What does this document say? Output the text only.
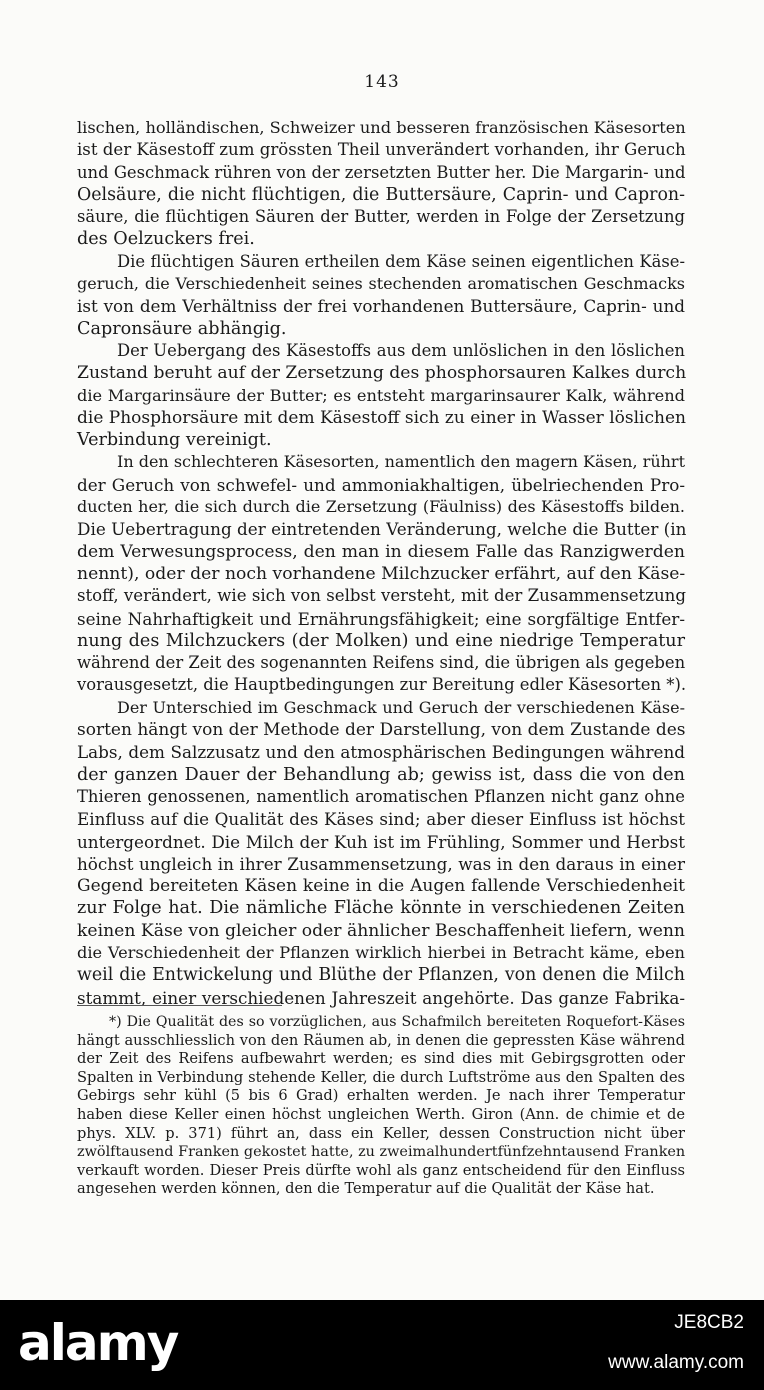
143
lischen, holländischen, Schweizer und besseren französischen Käsesorten
ist der Käsestoff zum grössten Theil unverändert vorhanden, ihr Geruch
und Geschmack rühren von der zersetzten Butter her. Die Margarin- und
Oelsäure, die nicht flüchtigen, die Buttersäure, Caprin- und Capron-
säure, die flüchtigen Säuren der Butter, werden in Folge der Zersetzung
des Oelzuckers frei.
Die flüchtigen Säuren ertheilen dem Käse seinen eigentlichen Käse-
geruch, die Verschiedenheit seines stechenden aromatischen Geschmacks
ist von dem Verhältniss der frei vorhandenen Buttersäure, Caprin- und
Capronsäure abhängig.
Der Uebergang des Käsestoffs aus dem unlöslichen in den löslichen
Zustand beruht auf der Zersetzung des phosphorsauren Kalkes durch
die Margarinsäure der Butter; es entsteht margarinsaurer Kalk, während
die Phosphorsäure mit dem Käsestoff sich zu einer in Wasser löslichen
Verbindung vereinigt.
In den schlechteren Käsesorten, namentlich den magern Käsen, rührt
der Geruch von schwefel- und ammoniakhaltigen, übelriechenden Pro-
ducten her, die sich durch die Zersetzung (Fäulniss) des Käsestoffs bilden.
Die Uebertragung der eintretenden Veränderung, welche die Butter (in
dem Verwesungsprocess, den man in diesem Falle das Ranzigwerden
nennt), oder der noch vorhandene Milchzucker erfährt, auf den Käse-
stoff, verändert, wie sich von selbst versteht, mit der Zusammensetzung
seine Nahrhaftigkeit und Ernährungsfähigkeit; eine sorgfältige Entfer-
nung des Milchzuckers (der Molken) und eine niedrige Temperatur
während der Zeit des sogenannten Reifens sind, die übrigen als gegeben
vorausgesetzt, die Hauptbedingungen zur Bereitung edler Käsesorten *).
Der Unterschied im Geschmack und Geruch der verschiedenen Käse-
sorten hängt von der Methode der Darstellung, von dem Zustande des
Labs, dem Salzzusatz und den atmosphärischen Bedingungen während
der ganzen Dauer der Behandlung ab; gewiss ist, dass die von den
Thieren genossenen, namentlich aromatischen Pflanzen nicht ganz ohne
Einfluss auf die Qualität des Käses sind; aber dieser Einfluss ist höchst
untergeordnet. Die Milch der Kuh ist im Frühling, Sommer und Herbst
höchst ungleich in ihrer Zusammensetzung, was in den daraus in einer
Gegend bereiteten Käsen keine in die Augen fallende Verschiedenheit
zur Folge hat. Die nämliche Fläche könnte in verschiedenen Zeiten
keinen Käse von gleicher oder ähnlicher Beschaffenheit liefern, wenn
die Verschiedenheit der Pflanzen wirklich hierbei in Betracht käme, eben
weil die Entwickelung und Blüthe der Pflanzen, von denen die Milch
stammt, einer verschiedenen Jahreszeit angehörte. Das ganze Fabrika-
*) Die Qualität des so vorzüglichen, aus Schafmilch bereiteten Roquefort-Käses
hängt ausschliesslich von den Räumen ab, in denen die gepressten Käse während
der Zeit des Reifens aufbewahrt werden; es sind dies mit Gebirgsgrotten oder
Spalten in Verbindung stehende Keller, die durch Luftströme aus den Spalten des
Gebirgs sehr kühl (5 bis 6 Grad) erhalten werden. Je nach ihrer Temperatur
haben diese Keller einen höchst ungleichen Werth. Giron (Ann. de chimie et de
phys. XLV. p. 371) führt an, dass ein Keller, dessen Construction nicht über
zwölftausend Franken gekostet hatte, zu zweimalhundertfünfzehntausend Franken
verkauft worden. Dieser Preis dürfte wohl als ganz entscheidend für den Einfluss
angesehen werden können, den die Temperatur auf die Qualität der Käse hat.
alamy	JE8CB2
www.alamy.com
